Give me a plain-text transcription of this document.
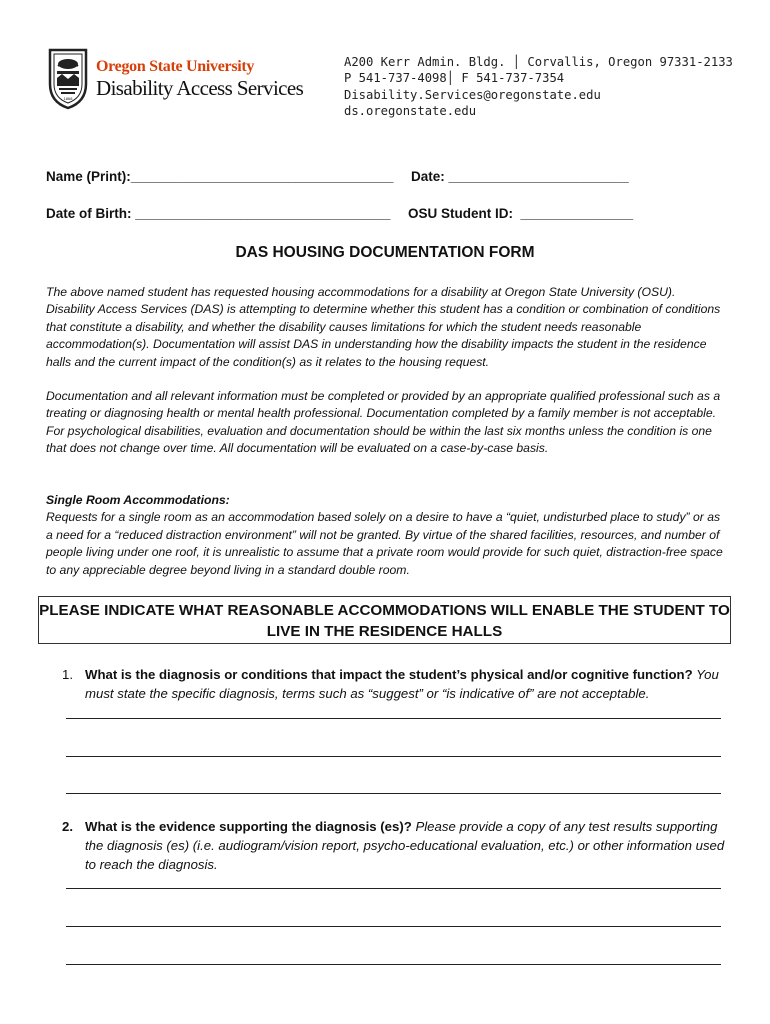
1868
Oregon State University
Disability Access Services
A200 Kerr Admin. Bldg. │ Corvallis, Oregon 97331-2133
P 541-737-4098│ F 541-737-7354
Disability.Services@oregonstate.edu
ds.oregonstate.edu
Name (Print):___________________________________ Date: ________________________
Date of Birth: __________________________________ OSU Student ID:  _______________
DAS HOUSING DOCUMENTATION FORM
The above named student has requested housing accommodations for a disability at Oregon State University (OSU). Disability Access Services (DAS) is attempting to determine whether this student has a condition or combination of conditions that constitute a disability, and whether the disability causes limitations for which the student needs reasonable accommodation(s). Documentation will assist DAS in understanding how the disability impacts the student in the residence halls and the current impact of the condition(s) as it relates to the housing request.
Documentation and all relevant information must be completed or provided by an appropriate qualified professional such as a treating or diagnosing health or mental health professional. Documentation completed by a family member is not acceptable. For psychological disabilities, evaluation and documentation should be within the last six months unless the condition is one that does not change over time. All documentation will be evaluated on a case-by-case basis.
Single Room Accommodations:
Requests for a single room as an accommodation based solely on a desire to have a “quiet, undisturbed place to study” or as a need for a “reduced distraction environment” will not be granted. By virtue of the shared facilities, resources, and number of people living under one roof, it is unrealistic to assume that a private room would provide for such quiet, distraction-free space to any appreciable degree beyond living in a standard double room.
PLEASE INDICATE WHAT REASONABLE ACCOMMODATIONS WILL ENABLE THE STUDENT TO LIVE IN THE RESIDENCE HALLS
1. What is the diagnosis or conditions that impact the student’s physical and/or cognitive function? You must state the specific diagnosis, terms such as “suggest” or “is indicative of” are not acceptable.
2. What is the evidence supporting the diagnosis (es)? Please provide a copy of any test results supporting the diagnosis (es) (i.e. audiogram/vision report, psycho-educational evaluation, etc.) or other information used to reach the diagnosis.
